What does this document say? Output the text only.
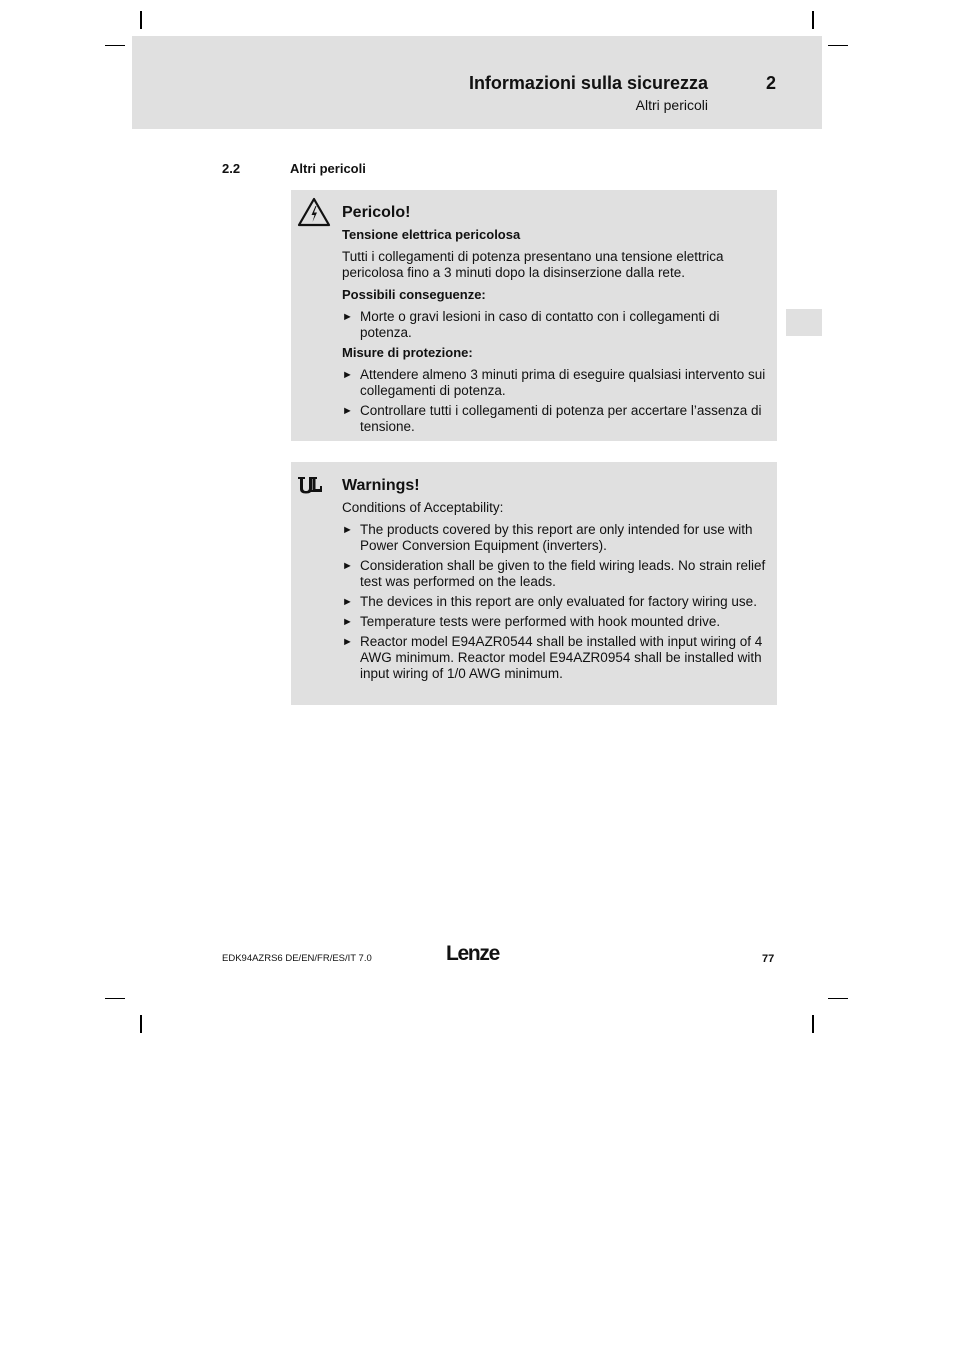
Informazioni sulla sicurezza	2
Altri pericoli
2.2	Altri pericoli
Pericolo!
Tensione elettrica pericolosa

Tutti i collegamenti di potenza presentano una tensione elettrica pericolosa fino a 3 minuti dopo la disinserzione dalla rete.

Possibili conseguenze:
► Morte o gravi lesioni in caso di contatto con i collegamenti di potenza.
Misure di protezione:
► Attendere almeno 3 minuti prima di eseguire qualsiasi intervento sui collegamenti di potenza.
► Controllare tutti i collegamenti di potenza per accertare l’assenza di tensione.
Warnings!

Conditions of Acceptability:

► The products covered by this report are only intended for use with Power Conversion Equipment (inverters).
► Consideration shall be given to the field wiring leads. No strain relief test was performed on the leads.
► The devices in this report are only evaluated for factory wiring use.
► Temperature tests were performed with hook mounted drive.
► Reactor model E94AZR0544 shall be installed with input wiring of 4 AWG minimum. Reactor model E94AZR0954 shall be installed with input wiring of 1/0 AWG minimum.
EDK94AZRS6 DE/EN/FR/ES/IT 7.0	Lenze	77
